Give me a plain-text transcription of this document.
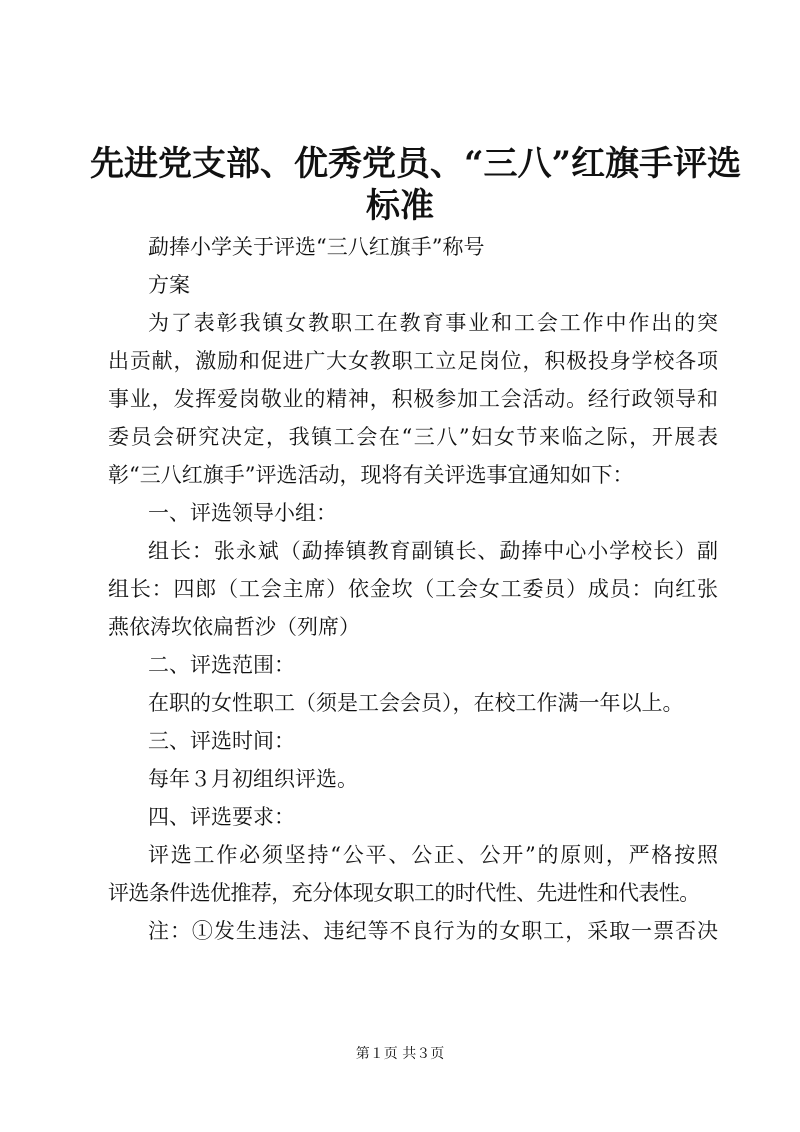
先进党支部、优秀党员、“三八”红旗手评选
标准
勐捧小学关于评选“三八红旗手”称号
方案
为了表彰我镇女教职工在教育事业和工会工作中作出的突
出贡献，激励和促进广大女教职工立足岗位，积极投身学校各项
事业，发挥爱岗敬业的精神，积极参加工会活动。经行政领导和
委员会研究决定，我镇工会在“三八”妇女节来临之际，开展表
彰“三八红旗手”评选活动，现将有关评选事宜通知如下：
一、评选领导小组：
组长：张永斌（勐捧镇教育副镇长、勐捧中心小学校长）副
组长：四郎（工会主席）依金坎（工会女工委员）成员：向红张
燕依涛坎依扁哲沙（列席）
二、评选范围：
在职的女性职工（须是工会会员），在校工作满一年以上。
三、评选时间：
每年３月初组织评选。
四、评选要求：
评选工作必须坚持“公平、公正、公开”的原则，严格按照
评选条件选优推荐，充分体现女职工的时代性、先进性和代表性。
注：①发生违法、违纪等不良行为的女职工，采取一票否决
第１页 共３页
